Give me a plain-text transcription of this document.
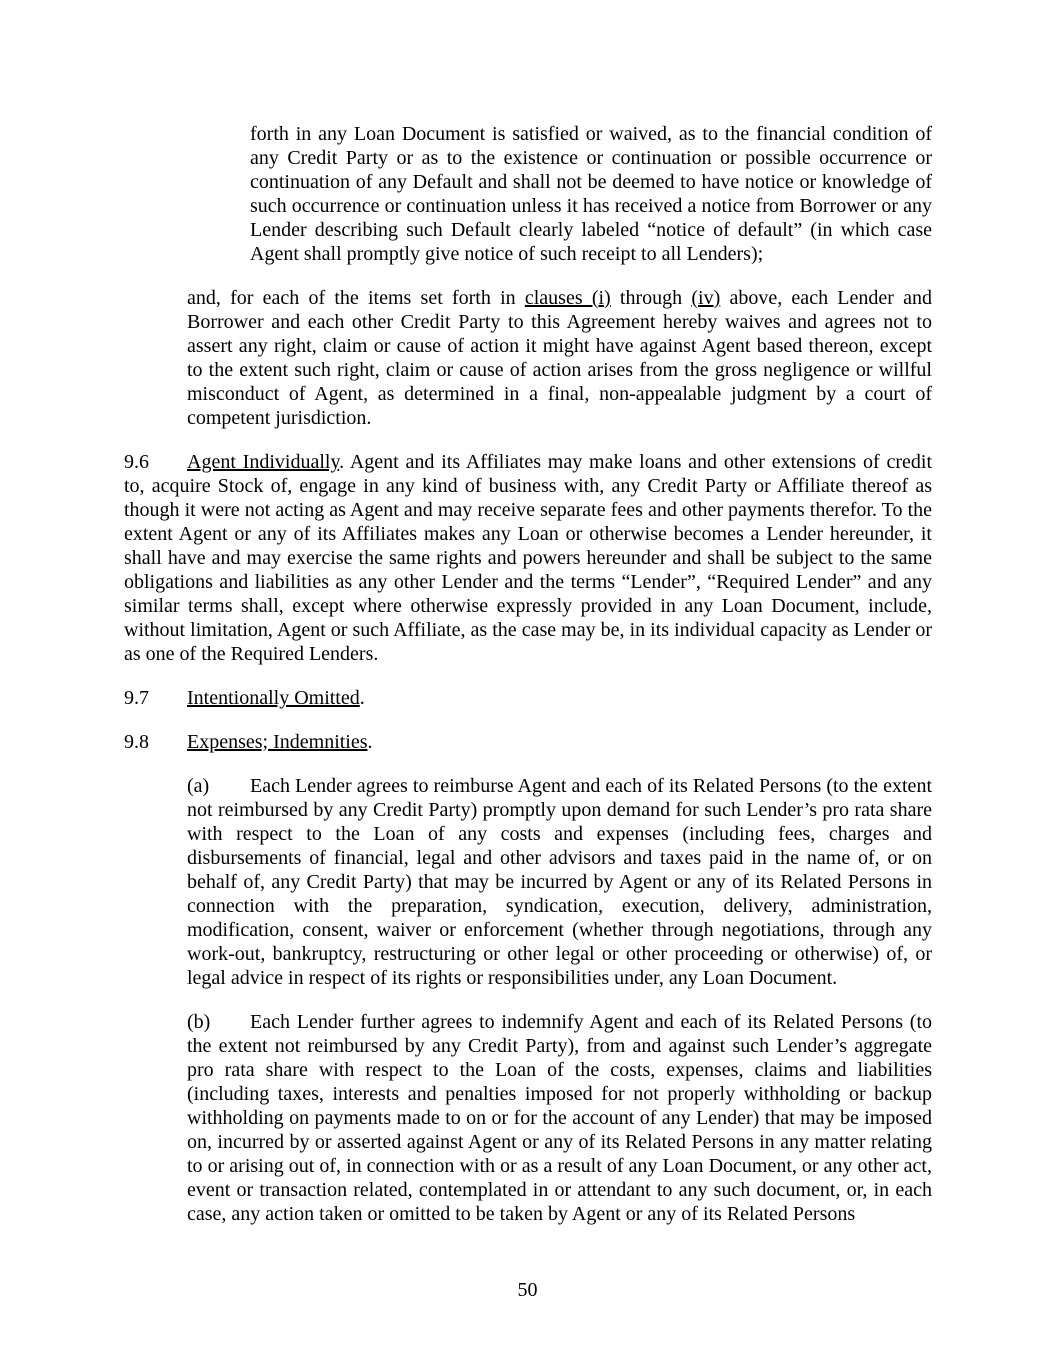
forth in any Loan Document is satisfied or waived, as to the financial condition of any Credit Party or as to the existence or continuation or possible occurrence or continuation of any Default and shall not be deemed to have notice or knowledge of such occurrence or continuation unless it has received a notice from Borrower or any Lender describing such Default clearly labeled “notice of default” (in which case Agent shall promptly give notice of such receipt to all Lenders);

and, for each of the items set forth in clauses (i) through (iv) above, each Lender and Borrower and each other Credit Party to this Agreement hereby waives and agrees not to assert any right, claim or cause of action it might have against Agent based thereon, except to the extent such right, claim or cause of action arises from the gross negligence or willful misconduct of Agent, as determined in a final, non-appealable judgment by a court of competent jurisdiction.

9.6 Agent Individually. Agent and its Affiliates may make loans and other extensions of credit to, acquire Stock of, engage in any kind of business with, any Credit Party or Affiliate thereof as though it were not acting as Agent and may receive separate fees and other payments therefor. To the extent Agent or any of its Affiliates makes any Loan or otherwise becomes a Lender hereunder, it shall have and may exercise the same rights and powers hereunder and shall be subject to the same obligations and liabilities as any other Lender and the terms “Lender”, “Required Lender” and any similar terms shall, except where otherwise expressly provided in any Loan Document, include, without limitation, Agent or such Affiliate, as the case may be, in its individual capacity as Lender or as one of the Required Lenders.

9.7 Intentionally Omitted.

9.8 Expenses; Indemnities.

(a) Each Lender agrees to reimburse Agent and each of its Related Persons (to the extent not reimbursed by any Credit Party) promptly upon demand for such Lender’s pro rata share with respect to the Loan of any costs and expenses (including fees, charges and disbursements of financial, legal and other advisors and taxes paid in the name of, or on behalf of, any Credit Party) that may be incurred by Agent or any of its Related Persons in connection with the preparation, syndication, execution, delivery, administration, modification, consent, waiver or enforcement (whether through negotiations, through any work-out, bankruptcy, restructuring or other legal or other proceeding or otherwise) of, or legal advice in respect of its rights or responsibilities under, any Loan Document.

(b) Each Lender further agrees to indemnify Agent and each of its Related Persons (to the extent not reimbursed by any Credit Party), from and against such Lender’s aggregate pro rata share with respect to the Loan of the costs, expenses, claims and liabilities (including taxes, interests and penalties imposed for not properly withholding or backup withholding on payments made to on or for the account of any Lender) that may be imposed on, incurred by or asserted against Agent or any of its Related Persons in any matter relating to or arising out of, in connection with or as a result of any Loan Document, or any other act, event or transaction related, contemplated in or attendant to any such document, or, in each case, any action taken or omitted to be taken by Agent or any of its Related Persons

50
